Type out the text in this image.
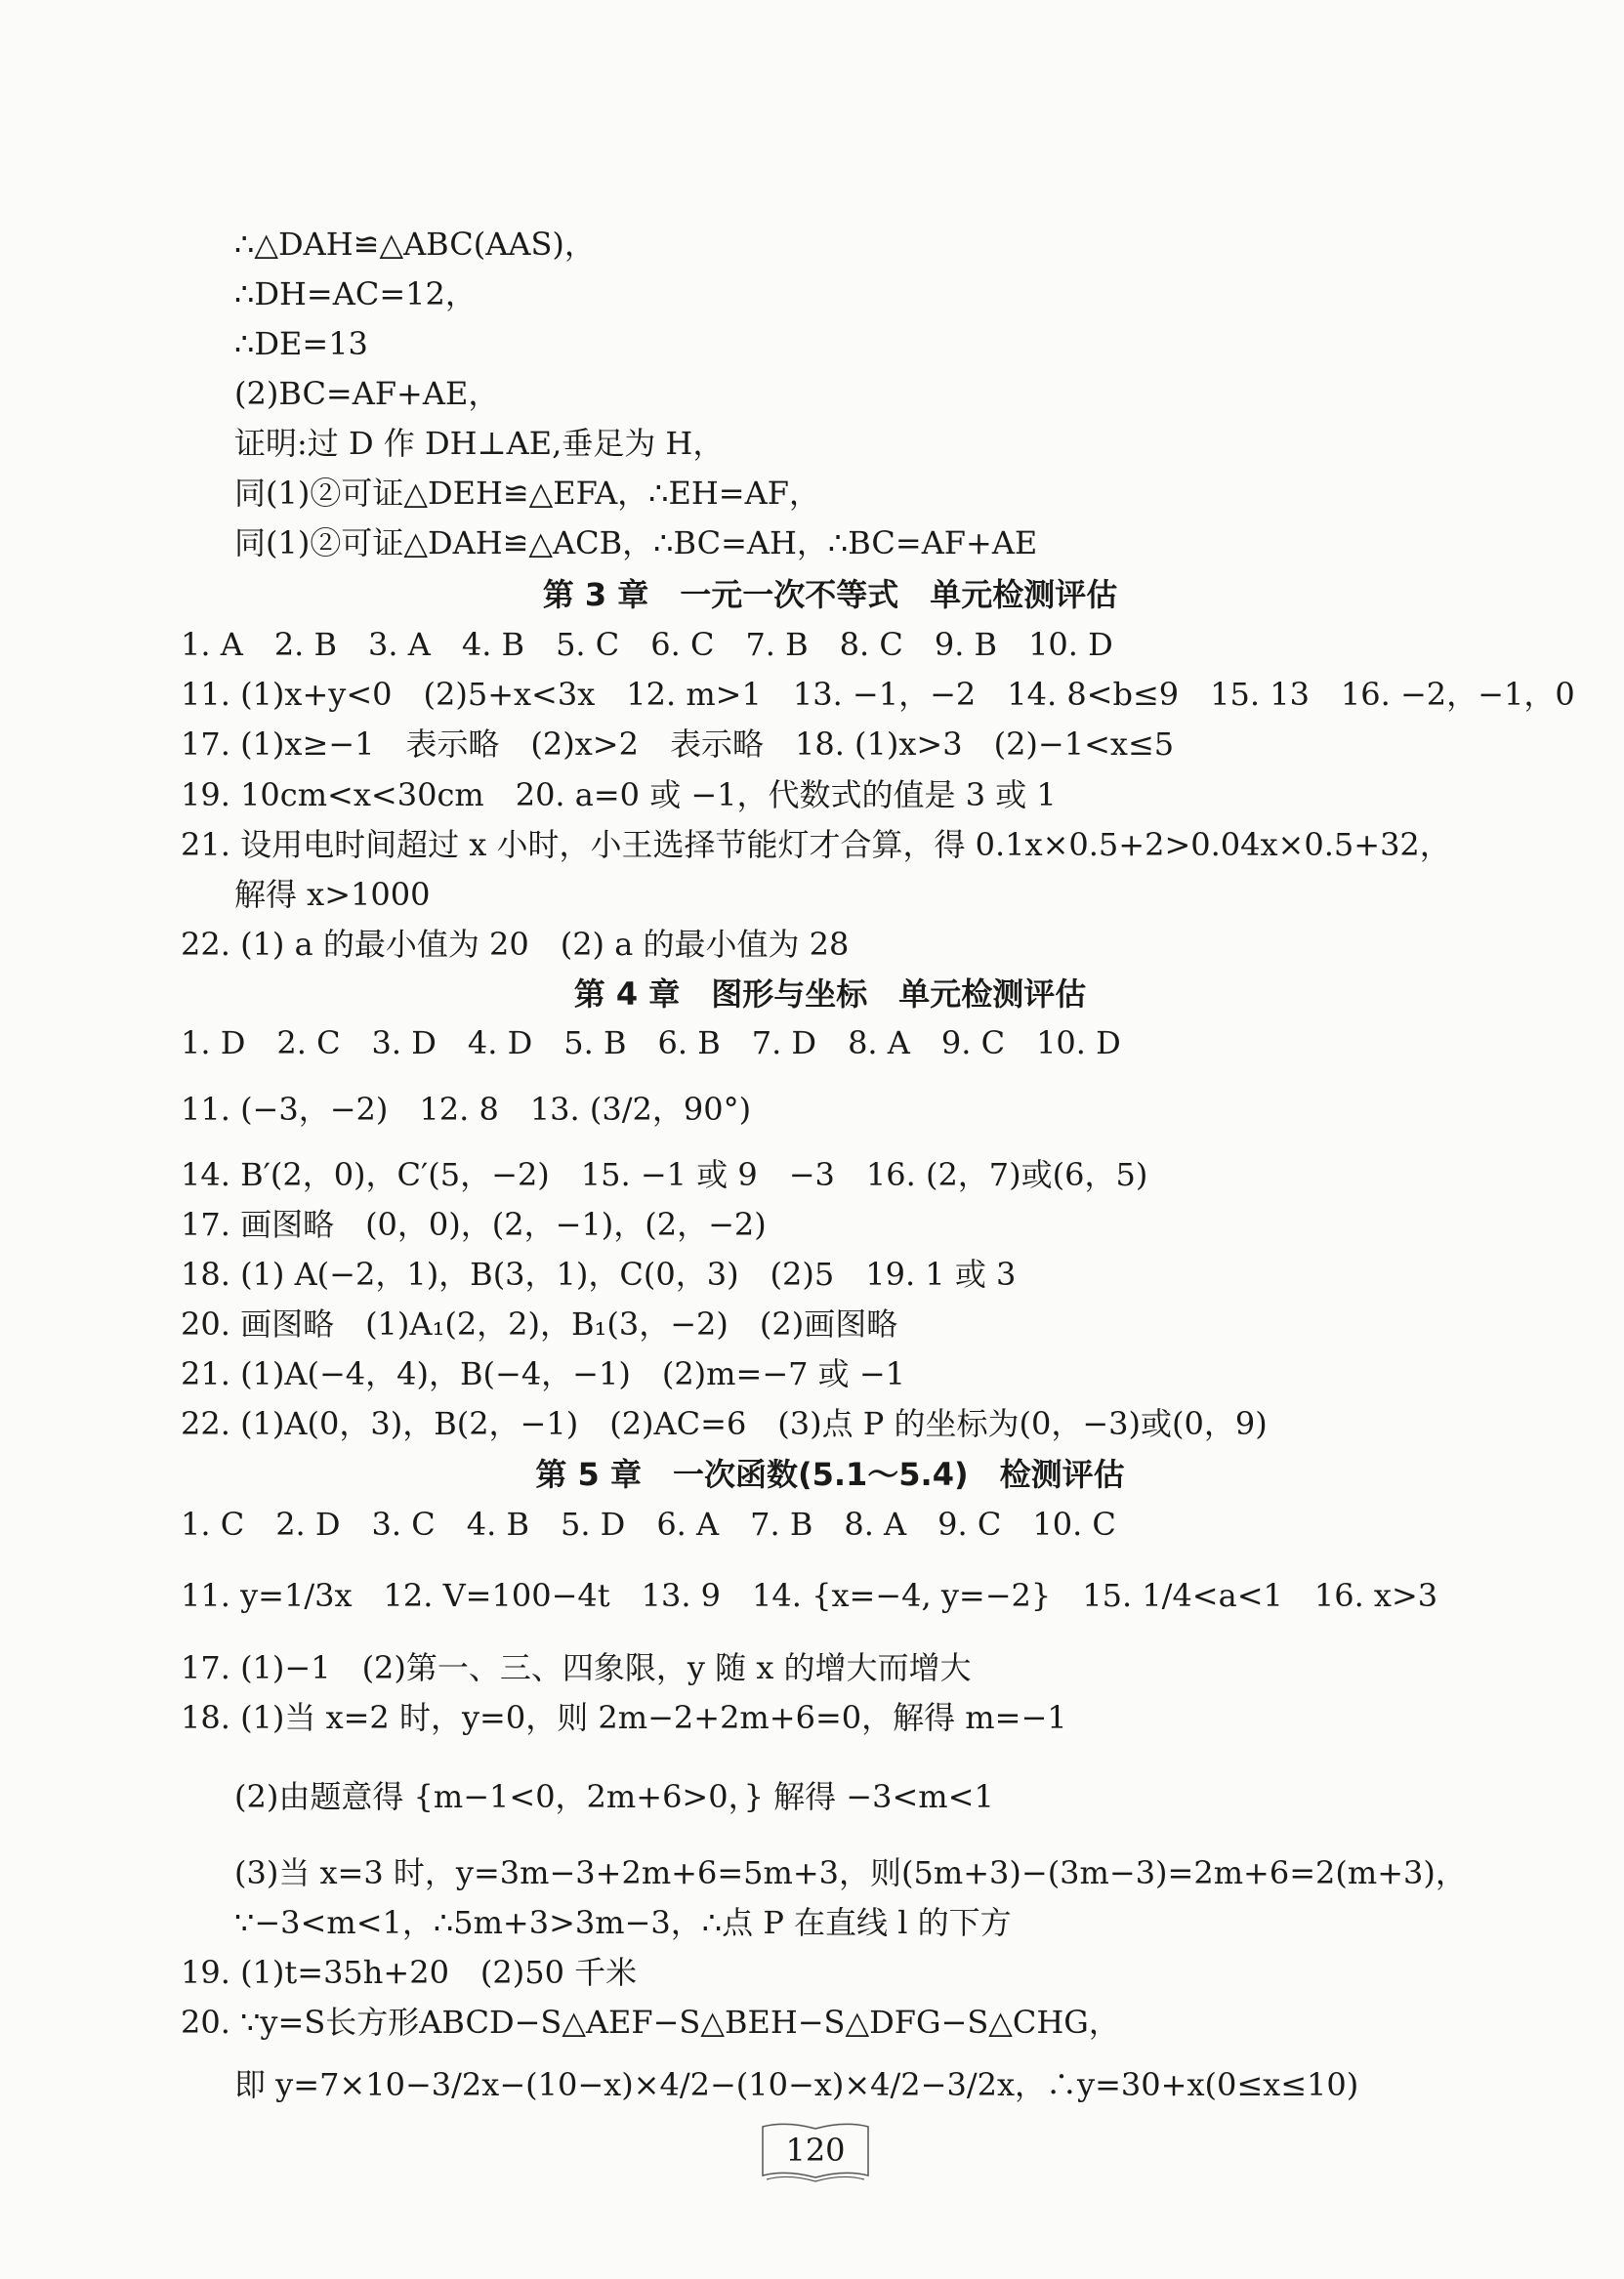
∴△DAH≌△ABC(AAS)，
∴DH=AC=12，
∴DE=13
(2)BC=AF+AE，
证明:过 D 作 DH⊥AE,垂足为 H，
同(1)②可证△DEH≌△EFA，∴EH=AF，
同(1)②可证△DAH≌△ACB，∴BC=AH，∴BC=AF+AE
第 3 章　一元一次不等式　单元检测评估
1. A　2. B　3. A　4. B　5. C　6. C　7. B　8. C　9. B　10. D
11. (1)x+y<0　(2)5+x<3x　12. m>1　13. −1，−2　14. 8<b≤9　15. 13　16. −2，−1，0
17. (1)x≥−1　表示略　(2)x>2　表示略　18. (1)x>3　(2)−1<x≤5
19. 10cm<x<30cm　20. a=0 或 −1，代数式的值是 3 或 1
21. 设用电时间超过 x 小时，小王选择节能灯才合算，得 0.1x×0.5+2>0.04x×0.5+32，
解得 x>1000
22. (1) a 的最小值为 20　(2) a 的最小值为 28
第 4 章　图形与坐标　单元检测评估
1. D　2. C　3. D　4. D　5. B　6. B　7. D　8. A　9. C　10. D
11. (−3，−2)　12. 8　13. (3/2，90°)
14. B′(2，0)，C′(5，−2)　15. −1 或 9　−3　16. (2，7)或(6，5)
17. 画图略　(0，0)，(2，−1)，(2，−2)
18. (1) A(−2，1)，B(3，1)，C(0，3)　(2)5　19. 1 或 3
20. 画图略　(1)A₁(2，2)，B₁(3，−2)　(2)画图略
21. (1)A(−4，4)，B(−4，−1)　(2)m=−7 或 −1
22. (1)A(0，3)，B(2，−1)　(2)AC=6　(3)点 P 的坐标为(0，−3)或(0，9)
第 5 章　一次函数(5.1～5.4)　检测评估
1. C　2. D　3. C　4. B　5. D　6. A　7. B　8. A　9. C　10. C
11. y=1/3x　12. V=100−4t　13. 9　14. {x=−4, y=−2}　15. 1/4<a<1　16. x>3
17. (1)−1　(2)第一、三、四象限，y 随 x 的增大而增大
18. (1)当 x=2 时，y=0，则 2m−2+2m+6=0，解得 m=−1
(2)由题意得 {m−1<0，2m+6>0，} 解得 −3<m<1
(3)当 x=3 时，y=3m−3+2m+6=5m+3，则(5m+3)−(3m−3)=2m+6=2(m+3)，
∵−3<m<1，∴5m+3>3m−3，∴点 P 在直线 l 的下方
19. (1)t=35h+20　(2)50 千米
20. ∵y=S长方形ABCD−S△AEF−S△BEH−S△DFG−S△CHG，
即 y=7×10−3/2x−(10−x)×4/2−(10−x)×4/2−3/2x，∴y=30+x(0≤x≤10)
120
